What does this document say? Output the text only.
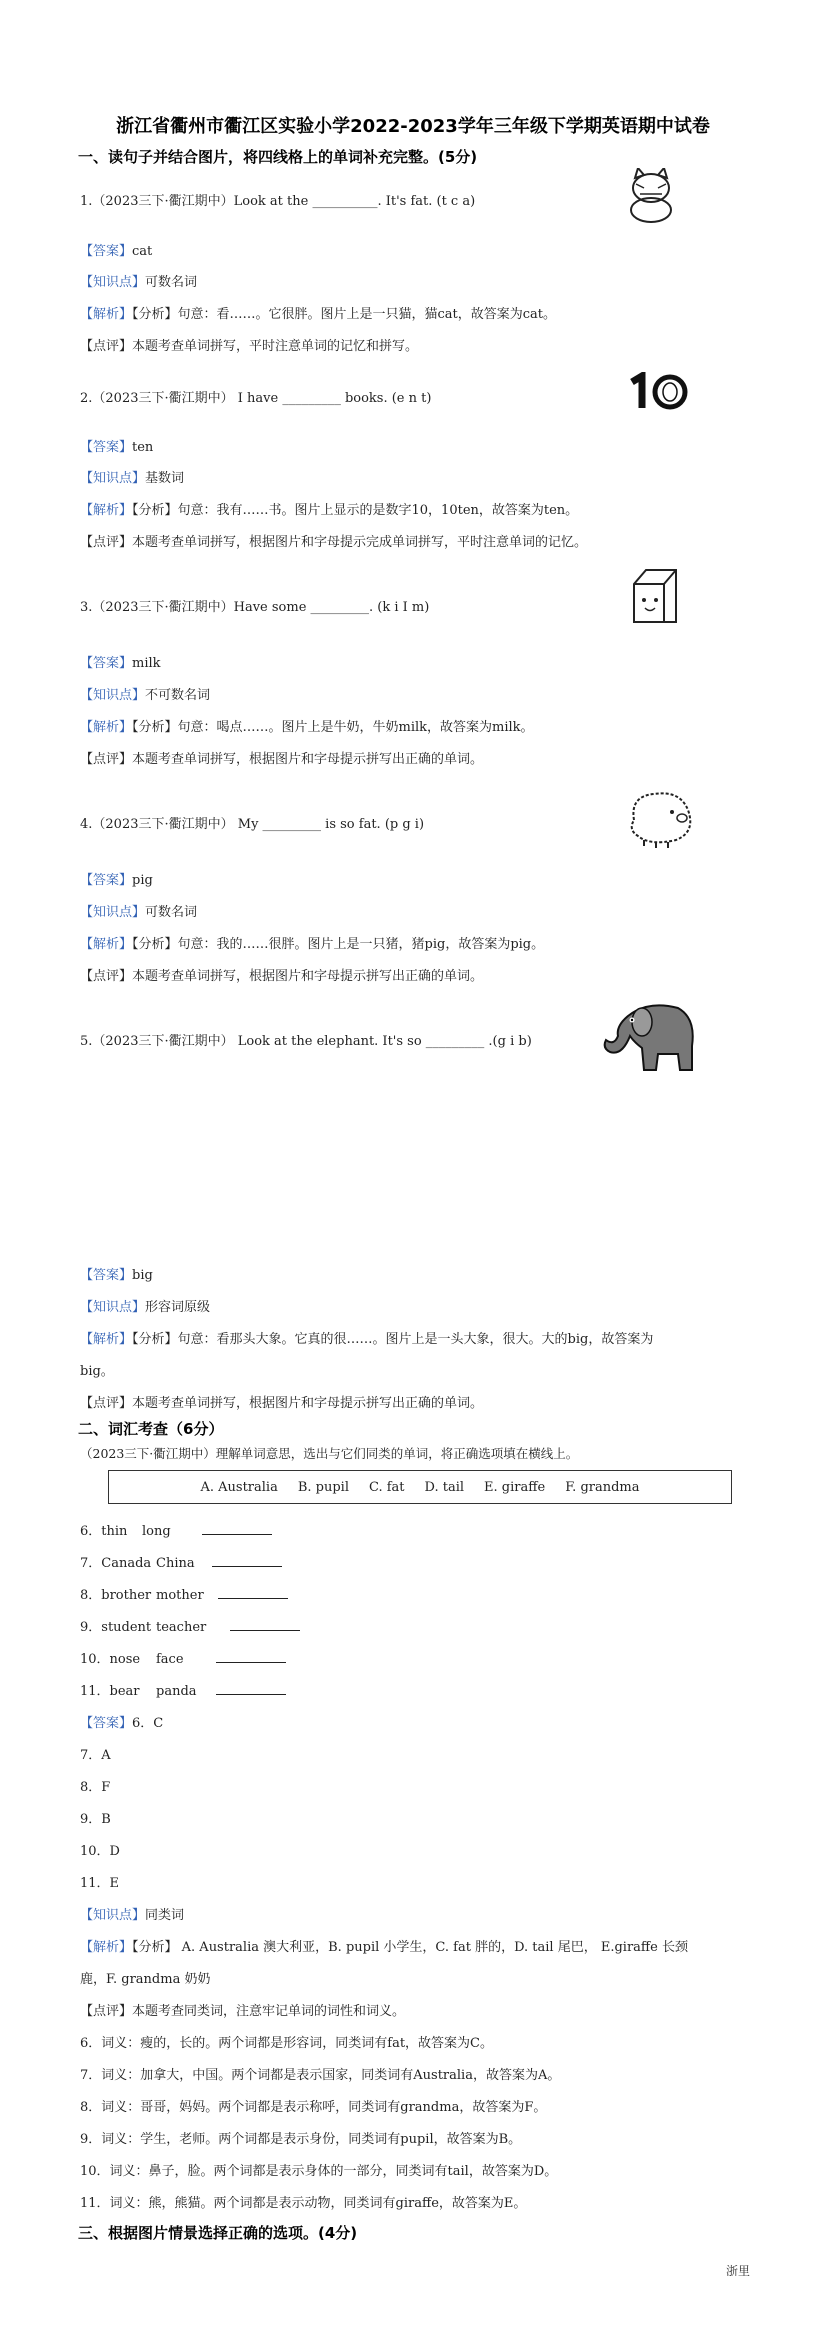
浙江省衢州市衢江区实验小学2022-2023学年三年级下学期英语期中试卷
一、读句子并结合图片，将四线格上的单词补充完整。(5分)
1.（2023三下·衢江期中）Look at the __________. It's fat. (t c a)
【答案】cat
【知识点】可数名词
【解析】【分析】句意：看……。它很胖。图片上是一只猫，猫cat，故答案为cat。
【点评】本题考查单词拼写，平时注意单词的记忆和拼写。
2.（2023三下·衢江期中） I have _________ books. (e n t)
【答案】ten
【知识点】基数词
【解析】【分析】句意：我有……书。图片上显示的是数字10，10ten，故答案为ten。
【点评】本题考查单词拼写，根据图片和字母提示完成单词拼写，平时注意单词的记忆。
3.（2023三下·衢江期中）Have some _________. (k i I m)
【答案】milk
【知识点】不可数名词
【解析】【分析】句意：喝点……。图片上是牛奶，牛奶milk，故答案为milk。
【点评】本题考查单词拼写，根据图片和字母提示拼写出正确的单词。
4.（2023三下·衢江期中） My _________ is so fat. (p g i)
【答案】pig
【知识点】可数名词
【解析】【分析】句意：我的……很胖。图片上是一只猪，猪pig，故答案为pig。
【点评】本题考查单词拼写，根据图片和字母提示拼写出正确的单词。
5.（2023三下·衢江期中） Look at the elephant. It's so _________ .(g i b)
【答案】big
【知识点】形容词原级
【解析】【分析】句意：看那头大象。它真的很……。图片上是一头大象，很大。大的big，故答案为
big。
【点评】本题考查单词拼写，根据图片和字母提示拼写出正确的单词。
二、词汇考查（6分）
（2023三下·衢江期中）理解单词意思，选出与它们同类的单词，将正确选项填在横线上。
A. Australia B. pupil C. fat D. tail E. giraffe F. grandma
6．thin long
7．Canada China
8．brother mother
9．student teacher
10．nose face
11．bear panda
【答案】6．C
7．A
8．F
9．B
10．D
11．E
【知识点】同类词
【解析】【分析】 A. Australia 澳大利亚，B. pupil 小学生，C. fat 胖的，D. tail 尾巴， E.giraffe 长颈
鹿，F. grandma 奶奶
【点评】本题考查同类词，注意牢记单词的词性和词义。
6．词义：瘦的，长的。两个词都是形容词，同类词有fat，故答案为C。
7．词义：加拿大，中国。两个词都是表示国家，同类词有Australia，故答案为A。
8．词义：哥哥，妈妈。两个词都是表示称呼，同类词有grandma，故答案为F。
9．词义：学生，老师。两个词都是表示身份，同类词有pupil，故答案为B。
10．词义：鼻子，脸。两个词都是表示身体的一部分，同类词有tail，故答案为D。
11．词义：熊，熊猫。两个词都是表示动物，同类词有giraffe，故答案为E。
三、根据图片情景选择正确的选项。(4分)
浙里
